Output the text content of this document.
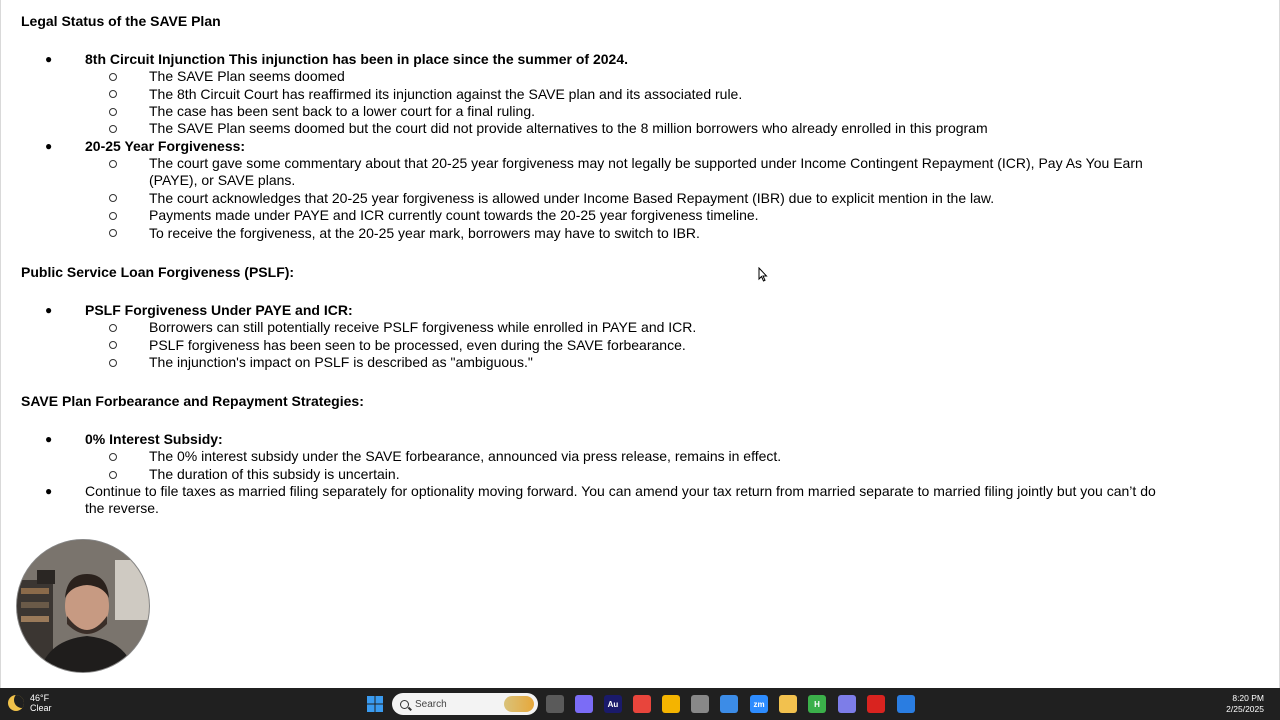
Legal Status of the SAVE Plan
● 8th Circuit Injunction This injunction has been in place since the summer of 2024.
The SAVE Plan seems doomed
The 8th Circuit Court has reaffirmed its injunction against the SAVE plan and its associated rule.
The case has been sent back to a lower court for a final ruling.
The SAVE Plan seems doomed but the court did not provide alternatives to the 8 million borrowers who already enrolled in this program
● 20-25 Year Forgiveness:
The court gave some commentary about that 20-25 year forgiveness may not legally be supported under Income Contingent Repayment (ICR), Pay As You Earn (PAYE), or SAVE plans.
The court acknowledges that 20-25 year forgiveness is allowed under Income Based Repayment (IBR) due to explicit mention in the law.
Payments made under PAYE and ICR currently count towards the 20-25 year forgiveness timeline.
To receive the forgiveness, at the 20-25 year mark, borrowers may have to switch to IBR.
Public Service Loan Forgiveness (PSLF):
● PSLF Forgiveness Under PAYE and ICR:
Borrowers can still potentially receive PSLF forgiveness while enrolled in PAYE and ICR.
PSLF forgiveness has been seen to be processed, even during the SAVE forbearance.
The injunction's impact on PSLF is described as "ambiguous."
SAVE Plan Forbearance and Repayment Strategies:
● 0% Interest Subsidy:
The 0% interest subsidy under the SAVE forbearance, announced via press release, remains in effect.
The duration of this subsidy is uncertain.
● Continue to file taxes as married filing separately for optionality moving forward. You can amend your tax return from married separate to married filing jointly but you can’t do the reverse.
46°F
Clear	Search	Au	zm	H
8:20 PM
2/25/2025
